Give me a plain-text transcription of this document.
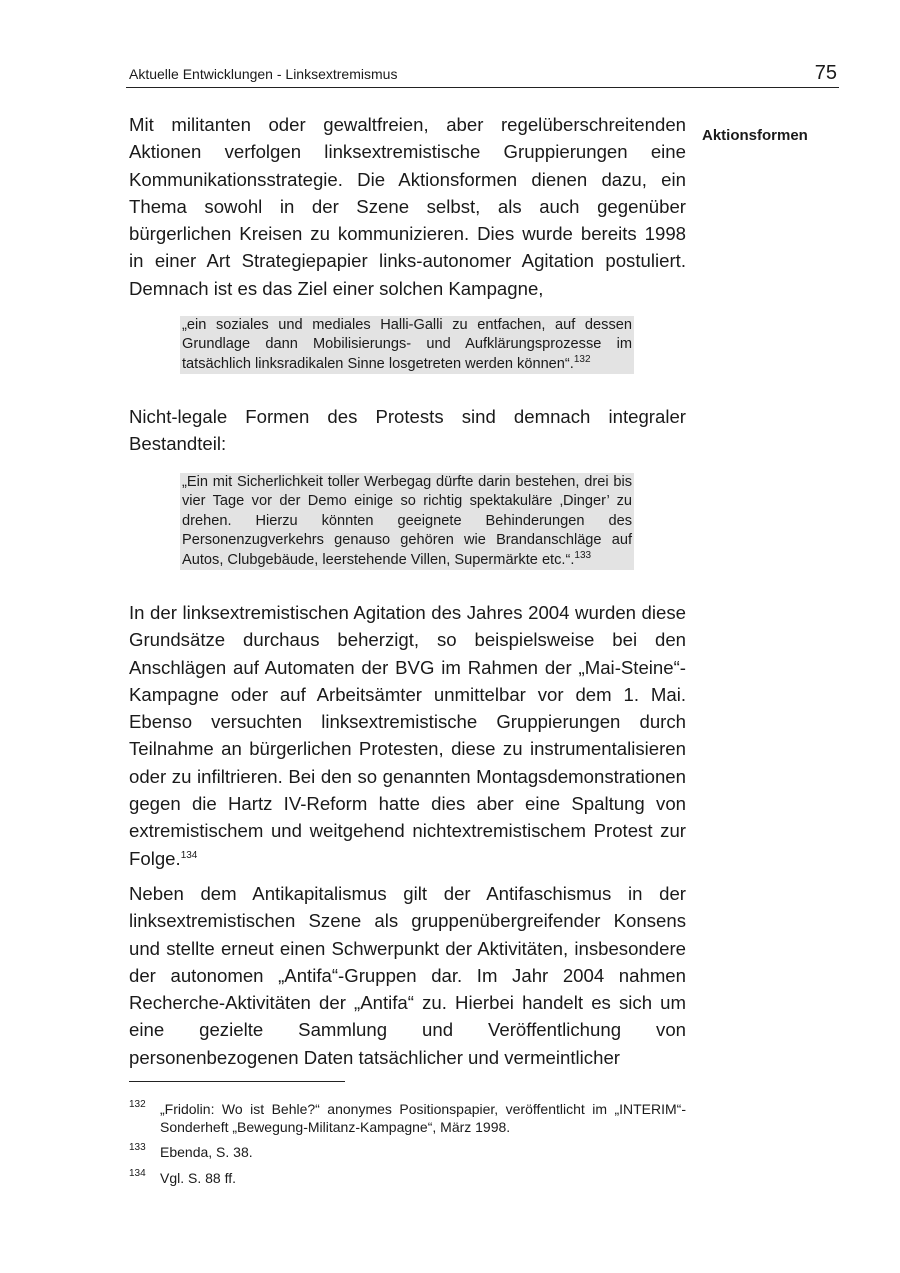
Aktuelle Entwicklungen - Linksextremismus	75
Aktionsformen

Mit militanten oder gewaltfreien, aber regelüberschreitenden Aktionen verfolgen linksextremistische Gruppierungen eine Kommunikationsstrategie. Die Aktionsformen dienen dazu, ein Thema sowohl in der Szene selbst, als auch gegenüber bürgerlichen Kreisen zu kommunizieren. Dies wurde bereits 1998 in einer Art Strategiepapier links-autonomer Agitation postuliert. Demnach ist es das Ziel einer solchen Kampagne,

„ein soziales und mediales Halli-Galli zu entfachen, auf dessen Grundlage dann Mobilisierungs- und Aufklärungsprozesse im tatsächlich linksradikalen Sinne losgetreten werden können“.$^{132}$

Nicht-legale Formen des Protests sind demnach integraler Bestandteil:

„Ein mit Sicherlichkeit toller Werbegag dürfte darin bestehen, drei bis vier Tage vor der Demo einige so richtig spektakuläre ‚Dinger’ zu drehen. Hierzu könnten geeignete Behinderungen des Personenzugverkehrs genauso gehören wie Brandanschläge auf Autos, Clubgebäude, leerstehende Villen, Supermärkte etc.“.$^{133}$

In der linksextremistischen Agitation des Jahres 2004 wurden diese Grundsätze durchaus beherzigt, so beispielsweise bei den Anschlägen auf Automaten der BVG im Rahmen der „Mai-Steine“-Kampagne oder auf Arbeitsämter unmittelbar vor dem 1. Mai. Ebenso versuchten linksextremistische Gruppierungen durch Teilnahme an bürgerlichen Protesten, diese zu instrumentalisieren oder zu infiltrieren. Bei den so genannten Montagsdemonstrationen gegen die Hartz IV-Reform hatte dies aber eine Spaltung von extremistischem und weitgehend nichtextremistischem Protest zur Folge.$^{134}$

Neben dem Antikapitalismus gilt der Antifaschismus in der linksextremistischen Szene als gruppenübergreifender Konsens und stellte erneut einen Schwerpunkt der Aktivitäten, insbesondere der autonomen „Antifa“-Gruppen dar. Im Jahr 2004 nahmen Recherche-Aktivitäten der „Antifa“ zu. Hierbei handelt es sich um eine gezielte Sammlung und Veröffentlichung von personenbezogenen Daten tatsächlicher und vermeintlicher

132 „Fridolin: Wo ist Behle?“ anonymes Positionspapier, veröffentlicht im „INTERIM“-Sonderheft „Bewegung-Militanz-Kampagne“, März 1998.
133 Ebenda, S. 38.
134 Vgl. S. 88 ff.
